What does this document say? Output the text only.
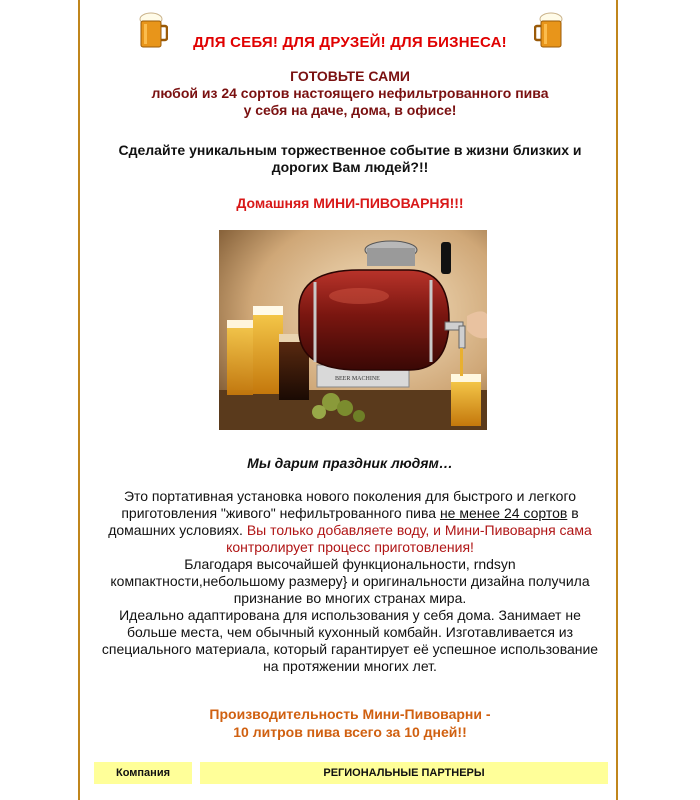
ДЛЯ СЕБЯ! ДЛЯ ДРУЗЕЙ! ДЛЯ БИЗНЕСА!
ГОТОВЬТЕ САМИ
любой из 24 сортов настоящего нефильтрованного пива
у себя на даче, дома, в офисе!
Сделайте уникальным торжественное событие в жизни близких и
дорогих Вам людей?!!
Домашняя МИНИ-ПИВОВАРНЯ!!!
BEER MACHINE
Мы дарим праздник людям…
Это портативная установка нового поколения для быстрого и легкого приготовления "живого" нефильтрованного пива не менее 24 сортов в домашних условиях. Вы только добавляете воду, и Мини-Пивоварня сама контролирует процесс приготовления!
Благодаря высочайшей функциональности, rndsyn компактности,небольшому размеру} и оригинальности дизайна получила признание во многих странах мира.
Идеально адаптирована для использования у себя дома. Занимает не больше места, чем обычный кухонный комбайн. Изготавливается из специального материала, который гарантирует её успешное использование на протяжении многих лет.
Производительность Мини-Пивоварни -
10 литров пива всего за 10 дней!!
Компания	РЕГИОНАЛЬНЫЕ ПАРТНЕРЫ
